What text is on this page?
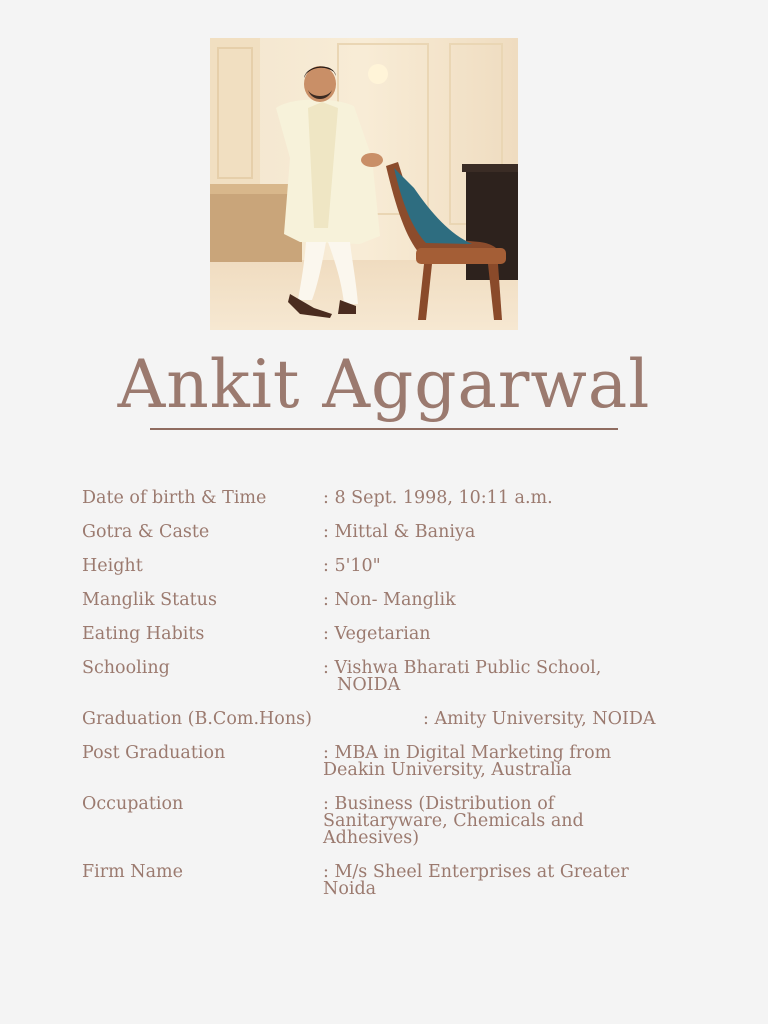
Ankit Aggarwal
Date of birth & Time	: 8 Sept. 1998, 10:11 a.m.
Gotra & Caste	: Mittal & Baniya
Height	: 5'10"
Manglik Status	: Non- Manglik
Eating Habits	: Vegetarian
Schooling	: Vishwa Bharati Public School,
NOIDA
Graduation (B.Com.Hons)	: Amity University, NOIDA
Post Graduation	: MBA in Digital Marketing from
Deakin University, Australia
Occupation	: Business (Distribution of
Sanitaryware, Chemicals and
Adhesives)
Firm Name	: M/s Sheel Enterprises at Greater
Noida
